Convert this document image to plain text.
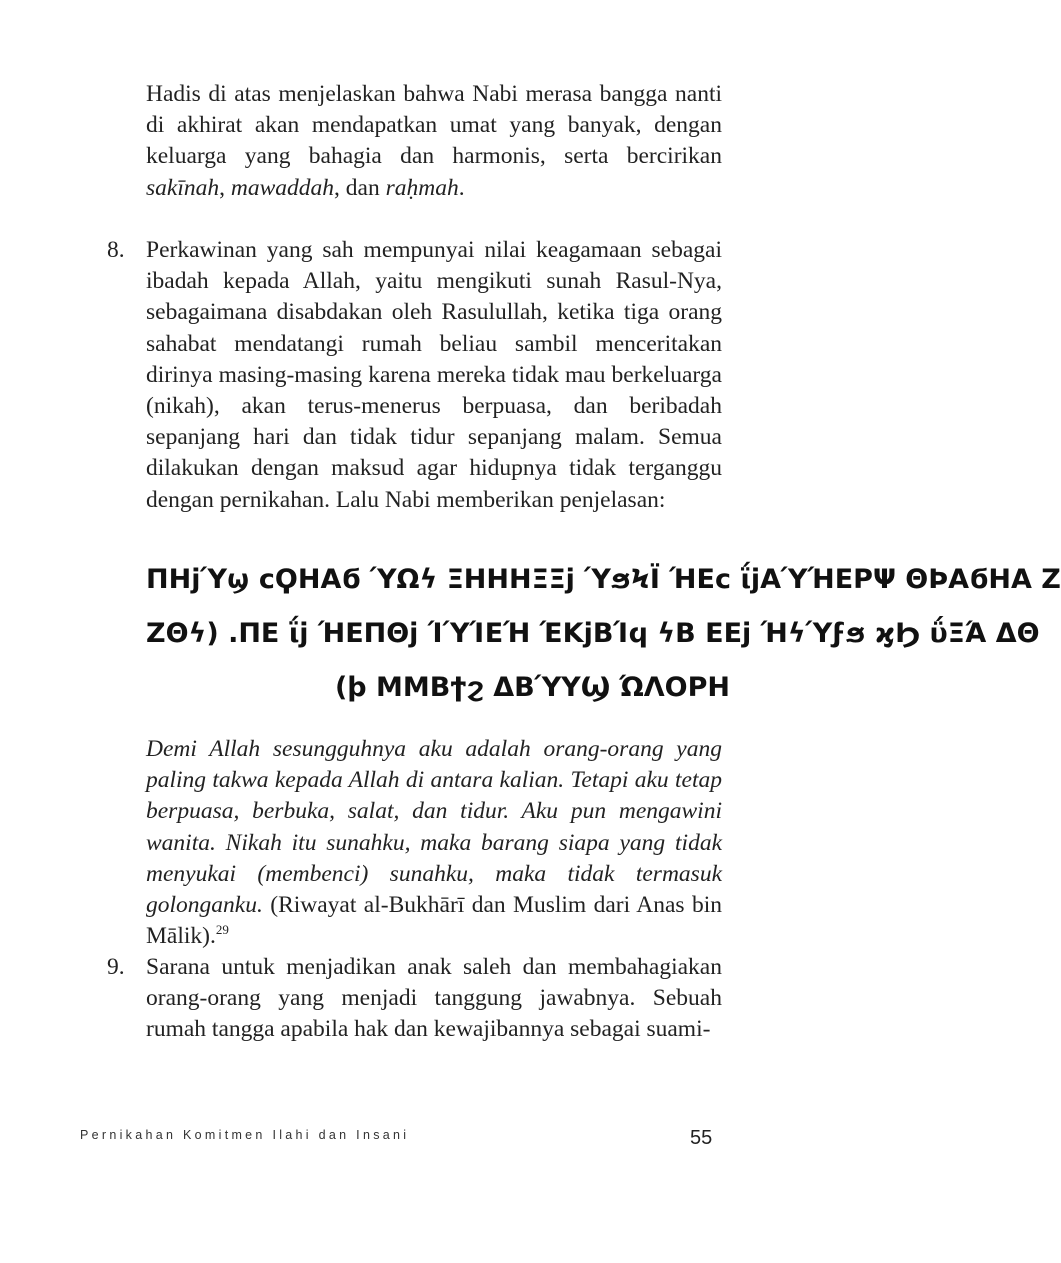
Hadis di atas menjelaskan bahwa Nabi merasa bangga nanti di akhirat akan mendapatkan umat yang banyak, dengan keluarga yang bahagia dan harmonis, serta bercirikan sakīnah, mawaddah, dan raḥmah.

8. Perkawinan yang sah mempunyai nilai keagamaan sebagai ibadah kepada Allah, yaitu mengikuti sunah Rasul-Nya, sebagaimana disabdakan oleh Rasulullah, ketika tiga orang sahabat mendatangi rumah beliau sambil menceritakan dirinya masing-masing karena mereka tidak mau berkeluarga (nikah), akan terus-menerus berpuasa, dan beribadah sepanjang hari dan tidak tidur sepanjang malam. Semua dilakukan dengan maksud agar hidupnya tidak terganggu dengan pernikahan. Lalu Nabi memberikan penjelasan:

ΠΗϳΎϣ ϲϘΗΑϭ ΎΩϟ ΞΗΗΗΞΞϳ ΎϧϞΪ ΉΕϲ ΐϳΑΎΉΕΡΨ ΘϷΑϭΗΑ Ζ
ΖΘϟ) .ΠΕ ΐϳ ΉΕΠΘϳ ΊΎΊΕΉ ΈΚϳΒΊϥ ϟΒ ΕΕϳ ΉϟΎϝϧ ϗϦ ΰΞΆ ΔΘ
(ϸ ΜΜΒϯϩ ΔΒΎΥϢ ΏΛΟΡΗ

Demi Allah sesungguhnya aku adalah orang-orang yang paling takwa kepada Allah di antara kalian. Tetapi aku tetap berpuasa, berbuka, salat, dan tidur. Aku pun mengawini wanita. Nikah itu sunahku, maka barang siapa yang tidak menyukai (membenci) sunahku, maka tidak termasuk golonganku. (Riwayat al-Bukhārī dan Muslim dari Anas bin Mālik).$^{29}$

9. Sarana untuk menjadikan anak saleh dan membahagiakan orang-orang yang menjadi tanggung jawabnya. Sebuah rumah tangga apabila hak dan kewajibannya sebagai suami-

Pernikahan Komitmen Ilahi dan Insani	55
